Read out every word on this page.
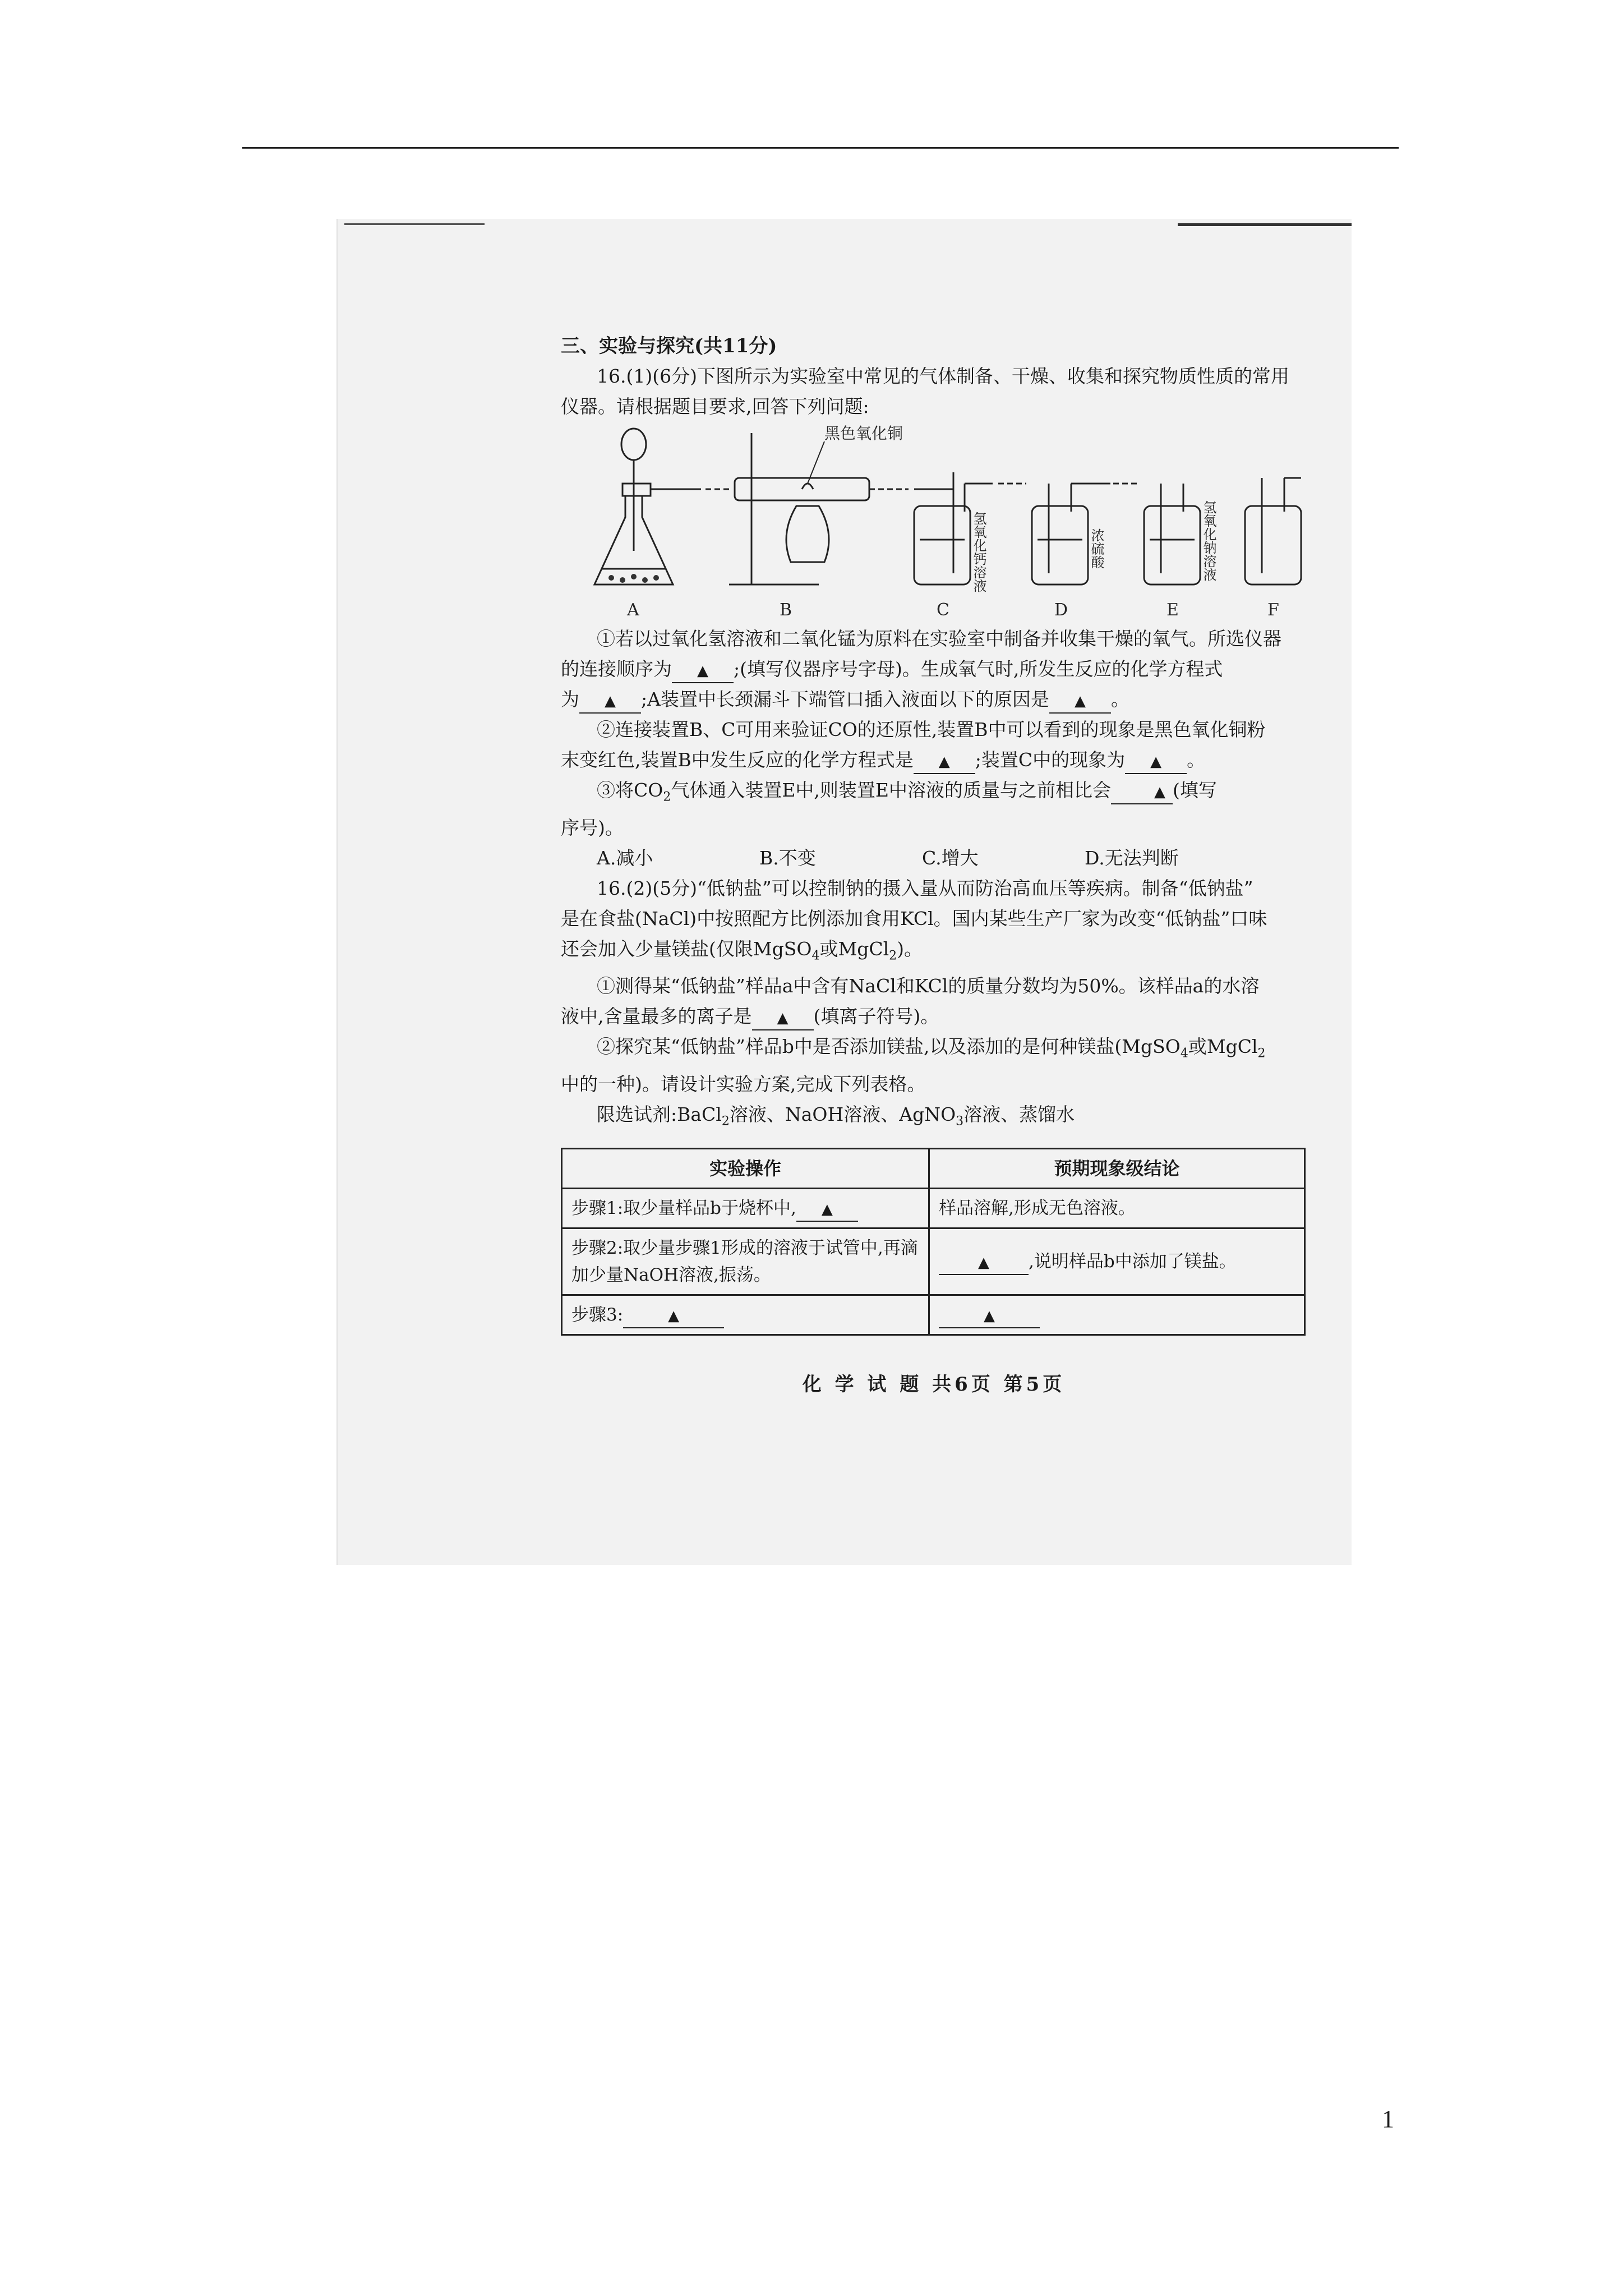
三、实验与探究(共11分)

16.(1)(6分)下图所示为实验室中常见的气体制备、干燥、收集和探究物质性质的常用

仪器。请根据题目要求,回答下列问题:

黑色氧化铜
氢氧化钙溶液	浓硫酸	氢氧化钠溶液
A	B	C	D	E	F

①若以过氧化氢溶液和二氧化锰为原料在实验室中制备并收集干燥的氧气。所选仪器

的连接顺序为 ▲ ;(填写仪器序号字母)。生成氧气时,所发生反应的化学方程式

为 ▲ ;A装置中长颈漏斗下端管口插入液面以下的原因是 ▲ 。

②连接装置B、C可用来验证CO的还原性,装置B中可以看到的现象是黑色氧化铜粉

末变红色,装置B中发生反应的化学方程式是 ▲ ;装置C中的现象为 ▲ 。

③将$CO_2$气体通入装置E中,则装置E中溶液的质量与之前相比会	▲ (填写

序号)。

A.减小	B.不变	C.增大	D.无法判断

16.(2)(5分)“低钠盐”可以控制钠的摄入量从而防治高血压等疾病。制备“低钠盐”

是在食盐(NaCl)中按照配方比例添加食用KCl。国内某些生产厂家为改变“低钠盐”口味

还会加入少量镁盐(仅限MgSO$_4$或MgCl$_2$)。

①测得某“低钠盐”样品a中含有NaCl和KCl的质量分数均为50%。该样品a的水溶

液中,含量最多的离子是 ▲ (填离子符号)。

②探究某“低钠盐”样品b中是否添加镁盐,以及添加的是何种镁盐(MgSO$_4$或MgCl$_2$

中的一种)。请设计实验方案,完成下列表格。

限选试剂:BaCl$_2$溶液、NaOH溶液、AgNO$_3$溶液、蒸馏水

实验操作	预期现象级结论
步骤1:取少量样品b于烧杯中, ▲	样品溶解,形成无色溶液。
步骤2:取少量步骤1形成的溶液于试管中,再滴加少量NaOH溶液,振荡。	▲ ,说明样品b中添加了镁盐。
步骤3: ▲	▲
化 学 试 题 共6页 第5页
1
